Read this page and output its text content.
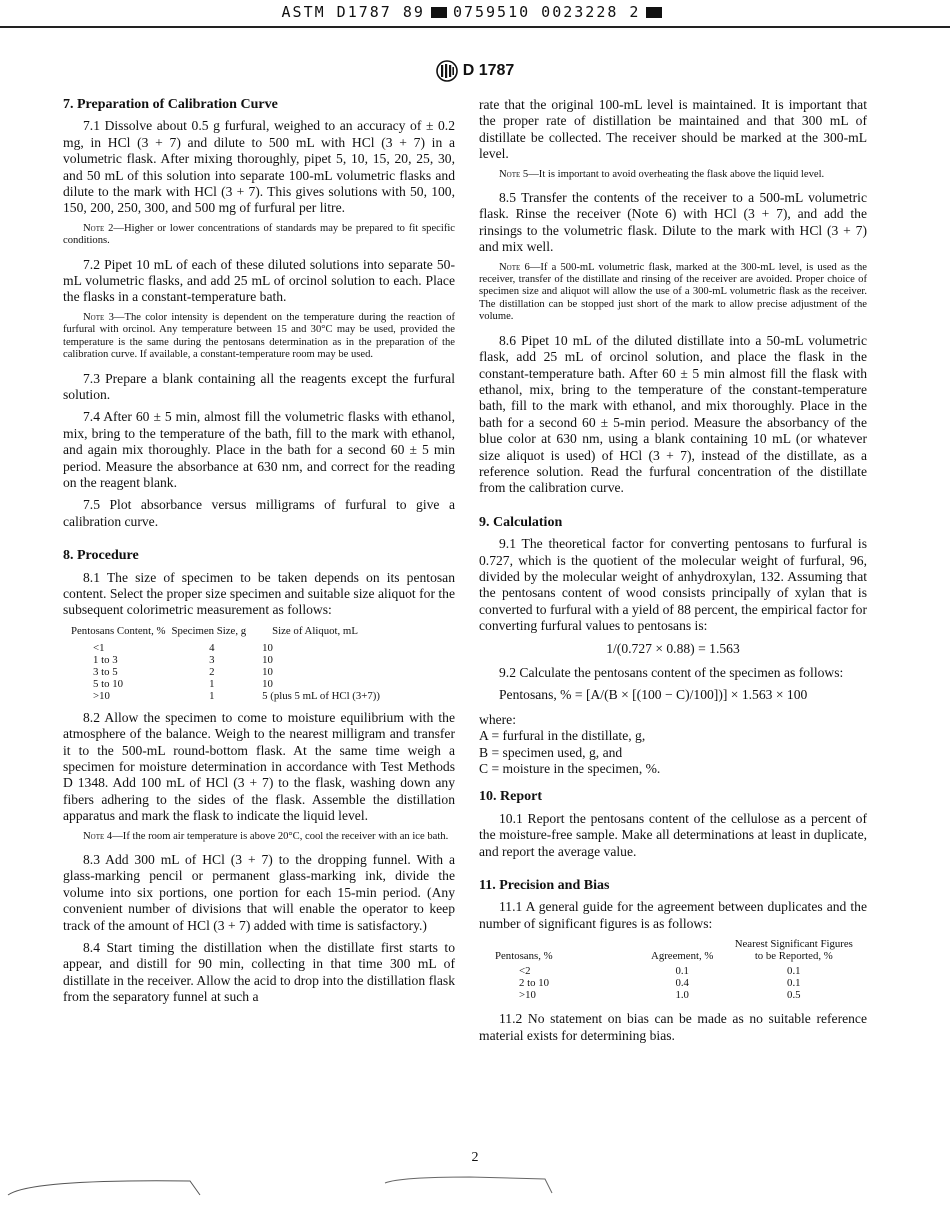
ASTM D1787 89 0759510 0023228 2
D 1787
7. Preparation of Calibration Curve

7.1 Dissolve about 0.5 g furfural, weighed to an accuracy of ± 0.2 mg, in HCl (3 + 7) and dilute to 500 mL with HCl (3 + 7) in a volumetric flask. After mixing thoroughly, pipet 5, 10, 15, 20, 25, 30, and 50 mL of this solution into separate 100-mL volumetric flasks and dilute to the mark with HCl (3 + 7). This gives solutions with 50, 100, 150, 200, 250, 300, and 500 mg of furfural per litre.

Note 2—Higher or lower concentrations of standards may be prepared to fit specific conditions.

7.2 Pipet 10 mL of each of these diluted solutions into separate 50-mL volumetric flasks, and add 25 mL of orcinol solution to each. Place the flasks in a constant-temperature bath.

Note 3—The color intensity is dependent on the temperature during the reaction of furfural with orcinol. Any temperature between 15 and 30°C may be used, provided the temperature is the same during the pentosans determination as in the preparation of the calibration curve. If available, a constant-temperature room may be used.

7.3 Prepare a blank containing all the reagents except the furfural solution.

7.4 After 60 ± 5 min, almost fill the volumetric flasks with ethanol, mix, bring to the temperature of the bath, fill to the mark with ethanol, and again mix thoroughly. Place in the bath for a second 60 ± 5 min period. Measure the absorbance at 630 nm, and correct for the reading on the reagent blank.

7.5 Plot absorbance versus milligrams of furfural to give a calibration curve.

8. Procedure

8.1 The size of specimen to be taken depends on its pentosan content. Select the proper size specimen and suitable size aliquot for the subsequent colorimetric measurement as follows:

Pentosans Content, %	Specimen Size, g	Size of Aliquot, mL
<1	4	10
1 to 3	3	10
3 to 5	2	10
5 to 10	1	10
>10	1	5 (plus 5 mL of HCl (3+7))

8.2 Allow the specimen to come to moisture equilibrium with the atmosphere of the balance. Weigh to the nearest milligram and transfer it to the 500-mL round-bottom flask. At the same time weigh a specimen for moisture determination in accordance with Test Methods D 1348. Add 100 mL of HCl (3 + 7) to the flask, washing down any fibers adhering to the sides of the flask. Assemble the distillation apparatus and mark the flask to indicate the liquid level.

Note 4—If the room air temperature is above 20°C, cool the receiver with an ice bath.

8.3 Add 300 mL of HCl (3 + 7) to the dropping funnel. With a glass-marking pencil or permanent glass-marking ink, divide the volume into six portions, one portion for each 15-min period. (Any convenient number of divisions that will enable the operator to keep track of the amount of HCl (3 + 7) added with time is satisfactory.)

8.4 Start timing the distillation when the distillate first starts to appear, and distill for 90 min, collecting in that time 300 mL of distillate in the receiver. Allow the acid to drop into the distillation flask from the separatory funnel at such a

rate that the original 100-mL level is maintained. It is important that the proper rate of distillation be maintained and that 300 mL of distillate be collected. The receiver should be marked at the 300-mL level.

Note 5—It is important to avoid overheating the flask above the liquid level.

8.5 Transfer the contents of the receiver to a 500-mL volumetric flask. Rinse the receiver (Note 6) with HCl (3 + 7), and add the rinsings to the volumetric flask. Dilute to the mark with HCl (3 + 7) and mix well.

Note 6—If a 500-mL volumetric flask, marked at the 300-mL level, is used as the receiver, transfer of the distillate and rinsing of the receiver are avoided. Proper choice of specimen size and aliquot will allow the use of a 300-mL volumetric flask as the receiver. The distillation can be stopped just short of the mark to allow precise adjustment of the volume.

8.6 Pipet 10 mL of the diluted distillate into a 50-mL volumetric flask, add 25 mL of orcinol solution, and place the flask in the constant-temperature bath. After 60 ± 5 min almost fill the flask with ethanol, mix, bring to the temperature of the constant-temperature bath, fill to the mark with ethanol, and mix thoroughly. Place in the bath for a second 60 ± 5-min period. Measure the absorbancy of the blue color at 630 nm, using a blank containing 10 mL (or whatever size aliquot is used) of HCl (3 + 7), instead of the distillate, as a reference solution. Read the furfural concentration of the distillate from the calibration curve.

9. Calculation

9.1 The theoretical factor for converting pentosans to furfural is 0.727, which is the quotient of the molecular weight of furfural, 96, divided by the molecular weight of anhydroxylan, 132. Assuming that the pentosans content of wood consists principally of xylan that is converted to furfural with a yield of 88 percent, the empirical factor for converting furfural values to pentosans is:

1/(0.727 × 0.88) = 1.563

9.2 Calculate the pentosans content of the specimen as follows:

Pentosans, % = [A/(B × [(100 − C)/100])] × 1.563 × 100
where:
A = furfural in the distillate, g,
B = specimen used, g, and
C = moisture in the specimen, %.
10. Report

10.1 Report the pentosans content of the cellulose as a percent of the moisture-free sample. Make all determinations at least in duplicate, and report the average value.

11. Precision and Bias

11.1 A general guide for the agreement between duplicates and the number of significant figures is as follows:

Pentosans, %	Agreement, %	Nearest Significant Figures to be Reported, %
<2	0.1	0.1
2 to 10	0.4	0.1
>10	1.0	0.5

11.2 No statement on bias can be made as no suitable reference material exists for determining bias.

2
